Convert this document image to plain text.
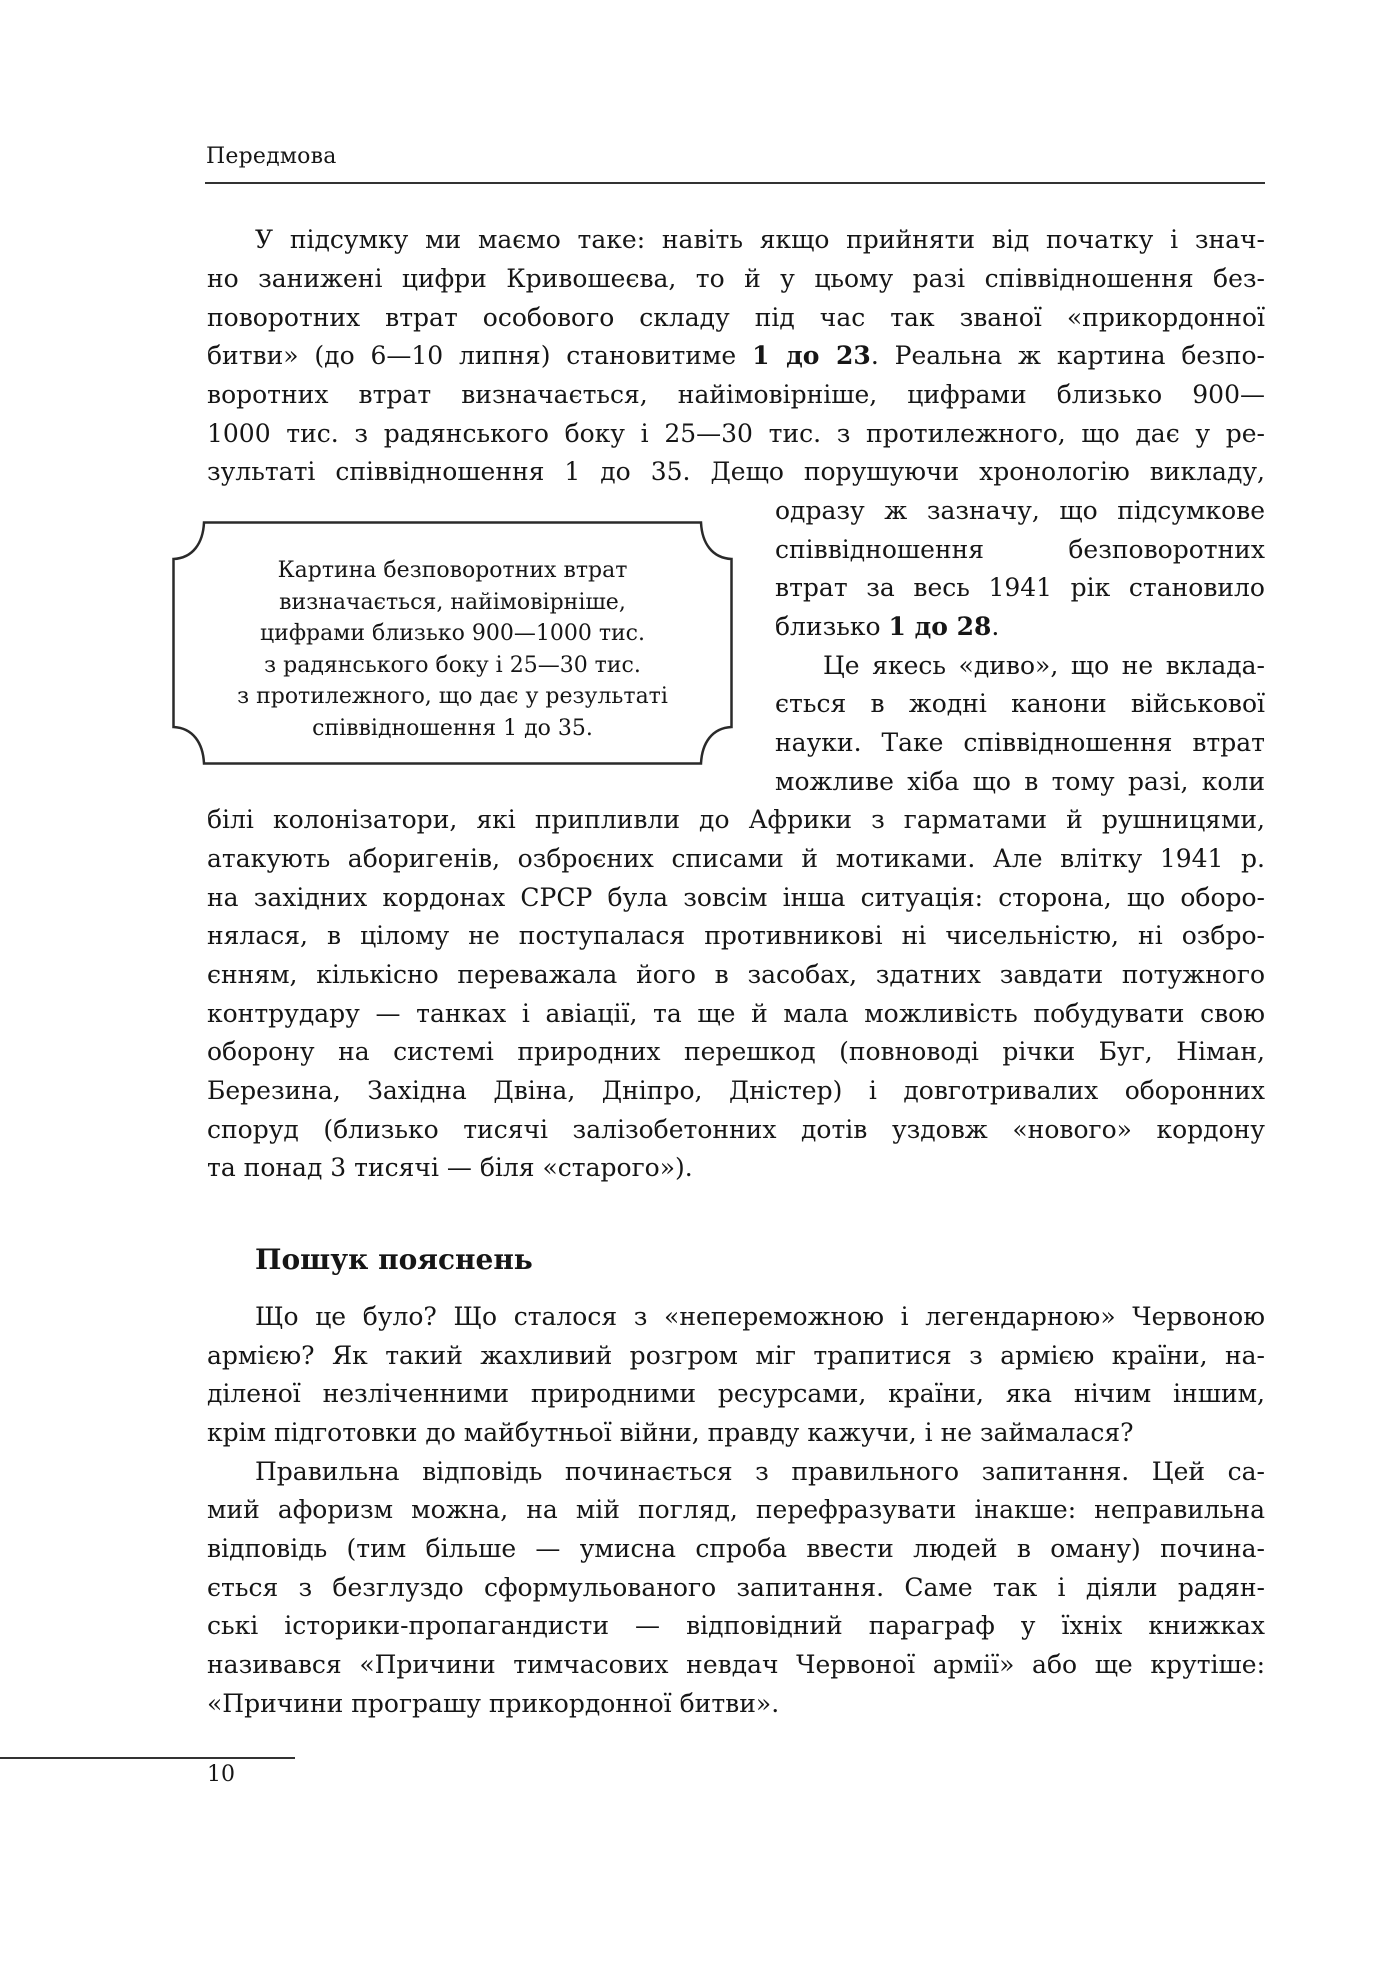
Передмова
У підсумку ми маємо таке: навіть якщо прийняти від початку і знач-
но занижені цифри Кривошеєва, то й у цьому разі співвідношення без-
поворотних втрат особового складу під час так званої «прикордонної
битви» (до 6—10 липня) становитиме 1 до 23. Реальна ж картина безпо-
воротних втрат визначається, найімовірніше, цифрами близько 900—
1000 тис. з радянського боку і 25—30 тис. з протилежного, що дає у ре-
зультаті співвідношення 1 до 35. Дещо порушуючи хронологію викладу,
одразу ж зазначу, що підсумкове
співвідношення безповоротних
втрат за весь 1941 рік становило
близько 1 до 28.
Картина безповоротних втрат
визначається, найімовірніше,
цифрами близько 900—1000 тис.
з радянського боку і 25—30 тис.
з протилежного, що дає у результаті
співвідношення 1 до 35.
Це якесь «диво», що не вклада-
ється в жодні канони військової
науки. Таке співвідношення втрат
можливе хіба що в тому разі, коли
білі колонізатори, які припливли до Африки з гарматами й рушницями,
атакують аборигенів, озброєних списами й мотиками. Але влітку 1941 р.
на західних кордонах СРСР була зовсім інша ситуація: сторона, що оборо-
нялася, в цілому не поступалася противникові ні чисельністю, ні озбро-
єнням, кількісно переважала його в засобах, здатних завдати потужного
контрудару — танках і авіації, та ще й мала можливість побудувати свою
оборону на системі природних перешкод (повноводі річки Буг, Німан,
Березина, Західна Двіна, Дніпро, Дністер) і довготривалих оборонних
споруд (близько тисячі залізобетонних дотів уздовж «нового» кордону
та понад 3 тисячі — біля «старого»).
Пошук пояснень
Що це було? Що сталося з «непереможною і легендарною» Червоною
армією? Як такий жахливий розгром міг трапитися з армією країни, на-
діленої незліченними природними ресурсами, країни, яка нічим іншим,
крім підготовки до майбутньої війни, правду кажучи, і не займалася?
Правильна відповідь починається з правильного запитання. Цей са-
мий афоризм можна, на мій погляд, перефразувати інакше: неправильна
відповідь (тим більше — умисна спроба ввести людей в оману) почина-
ється з безглуздо сформульованого запитання. Саме так і діяли радян-
ські історики-пропагандисти — відповідний параграф у їхніх книжках
називався «Причини тимчасових невдач Червоної армії» або ще крутіше:
«Причини програшу прикордонної битви».
10
